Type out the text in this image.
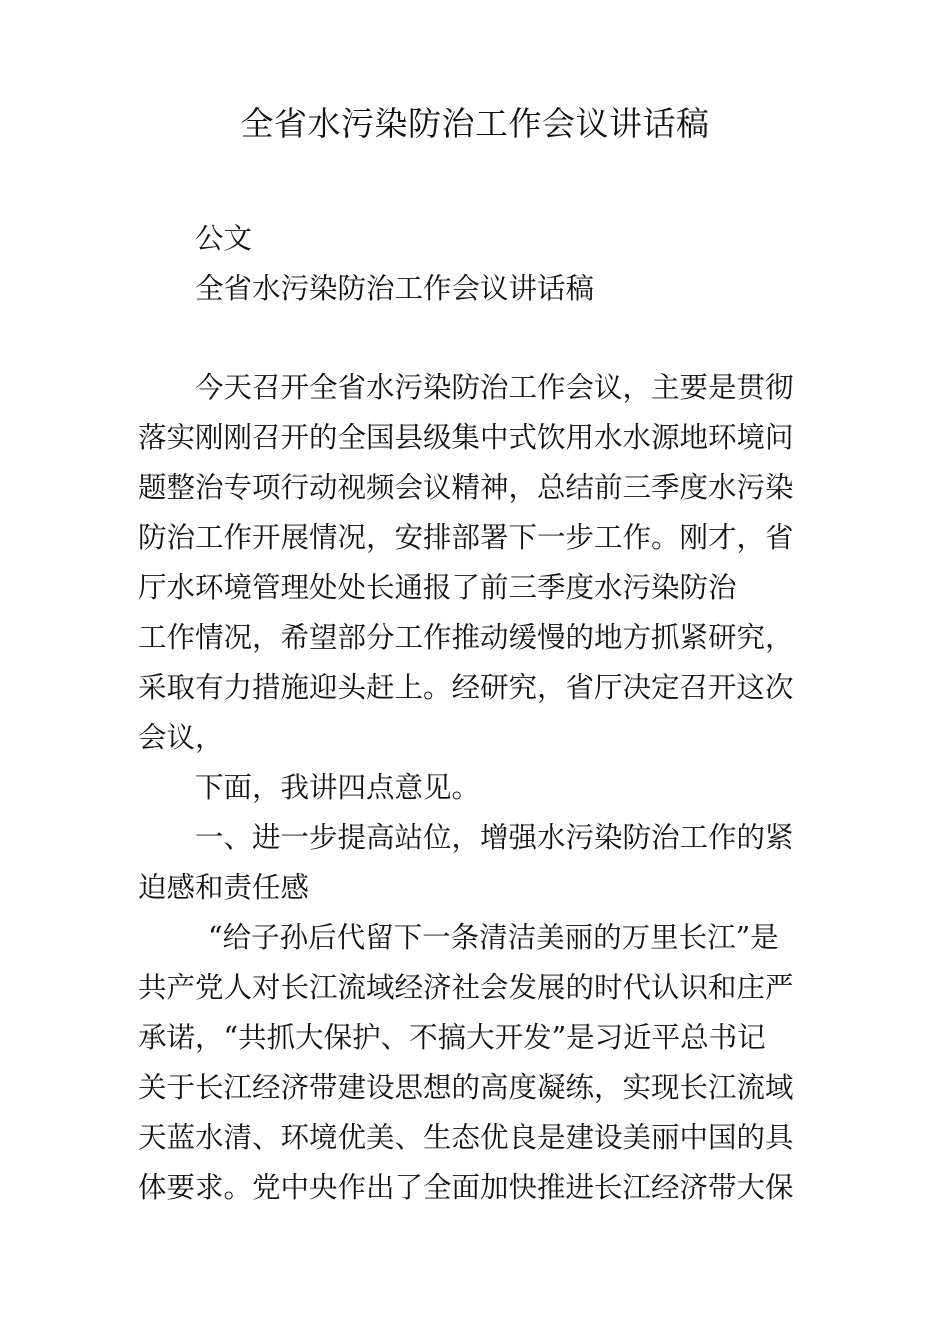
全省水污染防治工作会议讲话稿
公文
全省水污染防治工作会议讲话稿
今天召开全省水污染防治工作会议，主要是贯彻
落实刚刚召开的全国县级集中式饮用水水源地环境问
题整治专项行动视频会议精神，总结前三季度水污染
防治工作开展情况，安排部署下一步工作。刚才，省
厅水环境管理处处长通报了前三季度水污染防治
工作情况，希望部分工作推动缓慢的地方抓紧研究，
采取有力措施迎头赶上。经研究，省厅决定召开这次
会议，
下面，我讲四点意见。
一、进一步提高站位，增强水污染防治工作的紧
迫感和责任感
“给子孙后代留下一条清洁美丽的万里长江”是
共产党人对长江流域经济社会发展的时代认识和庄严
承诺，“共抓大保护、不搞大开发”是习近平总书记
关于长江经济带建设思想的高度凝练，实现长江流域
天蓝水清、环境优美、生态优良是建设美丽中国的具
体要求。党中央作出了全面加快推进长江经济带大保
